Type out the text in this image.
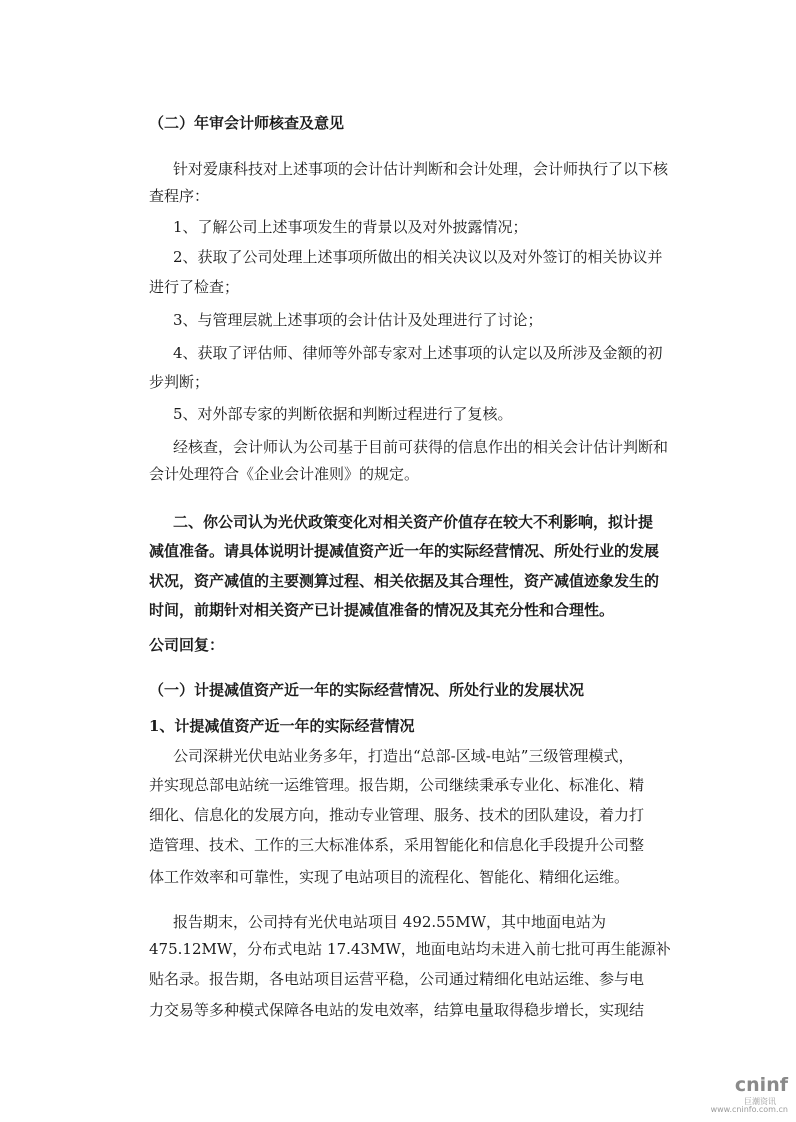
（二）年审会计师核查及意见

针对爱康科技对上述事项的会计估计判断和会计处理，会计师执行了以下核

查程序：

1、了解公司上述事项发生的背景以及对外披露情况；

2、获取了公司处理上述事项所做出的相关决议以及对外签订的相关协议并

进行了检查；

3、与管理层就上述事项的会计估计及处理进行了讨论；

4、获取了评估师、律师等外部专家对上述事项的认定以及所涉及金额的初

步判断；

5、对外部专家的判断依据和判断过程进行了复核。

经核查，会计师认为公司基于目前可获得的信息作出的相关会计估计判断和

会计处理符合《企业会计准则》的规定。

二、你公司认为光伏政策变化对相关资产价值存在较大不利影响，拟计提

减值准备。请具体说明计提减值资产近一年的实际经营情况、所处行业的发展

状况，资产减值的主要测算过程、相关依据及其合理性，资产减值迹象发生的

时间，前期针对相关资产已计提减值准备的情况及其充分性和合理性。

公司回复：

（一）计提减值资产近一年的实际经营情况、所处行业的发展状况

1、计提减值资产近一年的实际经营情况

公司深耕光伏电站业务多年，打造出“总部-区域-电站”三级管理模式，

并实现总部电站统一运维管理。报告期，公司继续秉承专业化、标准化、精

细化、信息化的发展方向，推动专业管理、服务、技术的团队建设，着力打

造管理、技术、工作的三大标准体系，采用智能化和信息化手段提升公司整

体工作效率和可靠性，实现了电站项目的流程化、智能化、精细化运维。

报告期末，公司持有光伏电站项目 492.55MW，其中地面电站为

475.12MW，分布式电站 17.43MW，地面电站均未进入前七批可再生能源补

贴名录。报告期，各电站项目运营平稳，公司通过精细化电站运维、参与电

力交易等多种模式保障各电站的发电效率，结算电量取得稳步增长，实现结

cninf
巨潮资讯
www.cninfo.com.cn
